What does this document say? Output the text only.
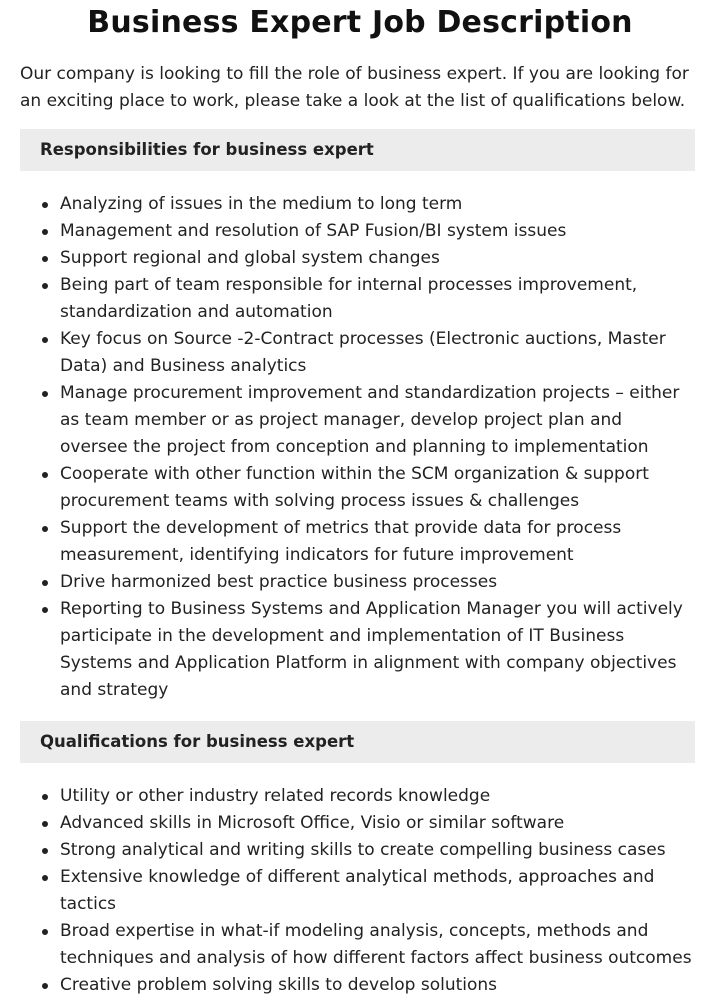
Business Expert Job Description

Our company is looking to fill the role of business expert. If you are looking for an exciting place to work, please take a look at the list of qualifications below.

Responsibilities for business expert
Analyzing of issues in the medium to long term
Management and resolution of SAP Fusion/BI system issues
Support regional and global system changes
Being part of team responsible for internal processes improvement, standardization and automation
Key focus on Source -2-Contract processes (Electronic auctions, Master Data) and Business analytics
Manage procurement improvement and standardization projects – either as team member or as project manager, develop project plan and oversee the project from conception and planning to implementation
Cooperate with other function within the SCM organization & support procurement teams with solving process issues & challenges
Support the development of metrics that provide data for process measurement, identifying indicators for future improvement
Drive harmonized best practice business processes
Reporting to Business Systems and Application Manager you will actively participate in the development and implementation of IT Business Systems and Application Platform in alignment with company objectives and strategy
Qualifications for business expert
Utility or other industry related records knowledge
Advanced skills in Microsoft Office, Visio or similar software
Strong analytical and writing skills to create compelling business cases
Extensive knowledge of different analytical methods, approaches and tactics
Broad expertise in what-if modeling analysis, concepts, methods and techniques and analysis of how different factors affect business outcomes
Creative problem solving skills to develop solutions
